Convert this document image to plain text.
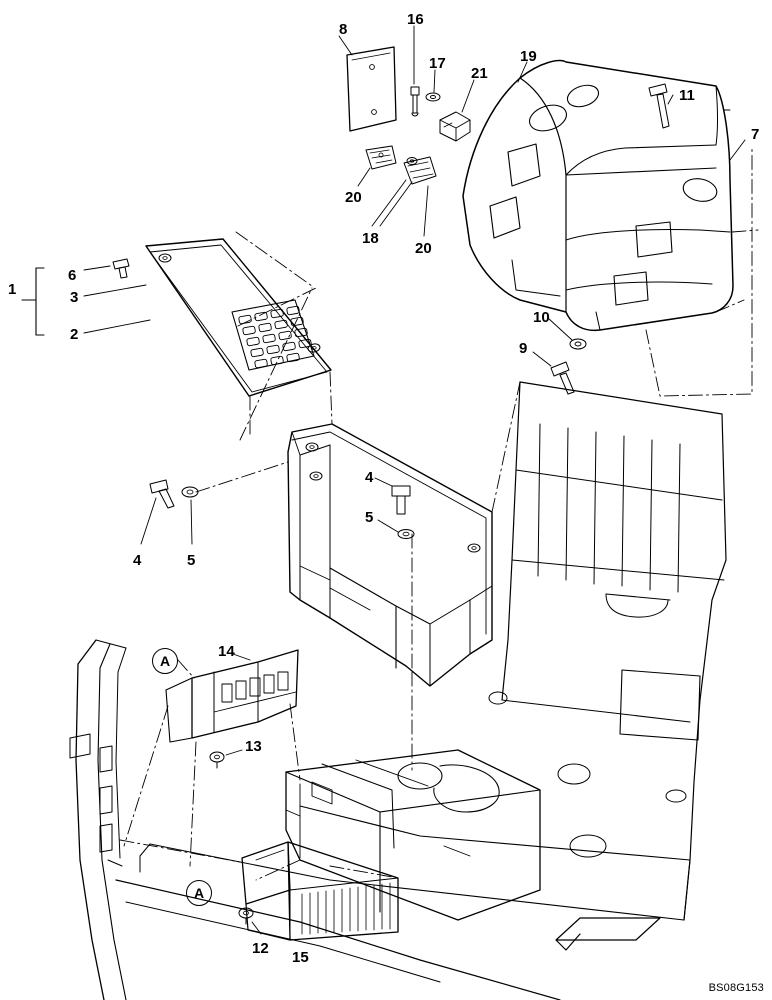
1
2
3
4
5
6
4	5
7
8
9
10
11
12
13
14
15
16
17
18
19
20
20
21
A
A
BS08G153
